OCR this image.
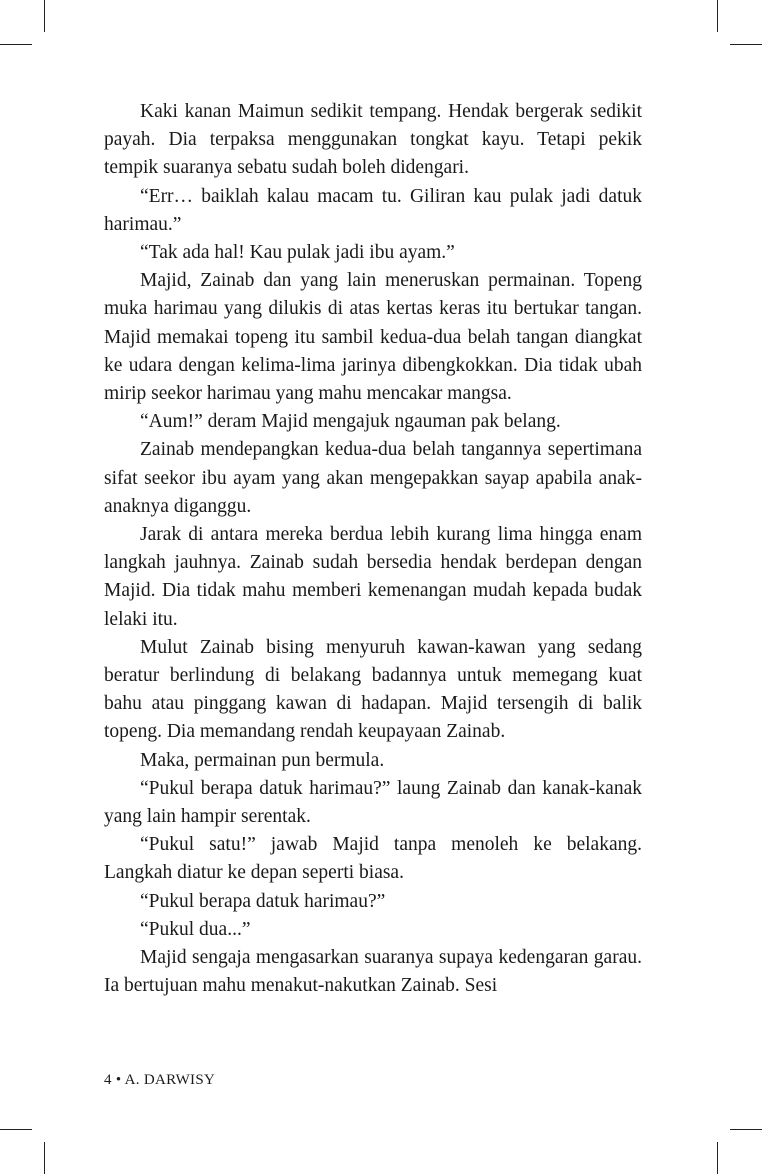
Kaki kanan Maimun sedikit tempang. Hendak bergerak sedikit payah. Dia terpaksa menggunakan tongkat kayu. Tetapi pekik tempik suaranya sebatu sudah boleh didengari.

“Err… baiklah kalau macam tu. Giliran kau pulak jadi datuk harimau.”

“Tak ada hal! Kau pulak jadi ibu ayam.”

Majid, Zainab dan yang lain meneruskan permainan. Topeng muka harimau yang dilukis di atas kertas keras itu bertukar tangan. Majid memakai topeng itu sambil kedua-dua belah tangan diangkat ke udara dengan kelima-lima jarinya dibengkokkan. Dia tidak ubah mirip seekor harimau yang mahu mencakar mangsa.

“Aum!” deram Majid mengajuk ngauman pak belang.

Zainab mendepangkan kedua-dua belah tangannya sepertimana sifat seekor ibu ayam yang akan mengepakkan sayap apabila anak-anaknya diganggu.

Jarak di antara mereka berdua lebih kurang lima hingga enam langkah jauhnya. Zainab sudah bersedia hendak berdepan dengan Majid. Dia tidak mahu memberi kemenangan mudah kepada budak lelaki itu.

Mulut Zainab bising menyuruh kawan-kawan yang sedang beratur berlindung di belakang badannya untuk memegang kuat bahu atau pinggang kawan di hadapan. Majid tersengih di balik topeng. Dia memandang rendah keupayaan Zainab.

Maka, permainan pun bermula.

“Pukul berapa datuk harimau?” laung Zainab dan kanak-kanak yang lain hampir serentak.

“Pukul satu!” jawab Majid tanpa menoleh ke belakang. Langkah diatur ke depan seperti biasa.

“Pukul berapa datuk harimau?”

“Pukul dua...”

Majid sengaja mengasarkan suaranya supaya kedengaran garau. Ia bertujuan mahu menakut-nakutkan Zainab. Sesi

4 • A. DARWISY
